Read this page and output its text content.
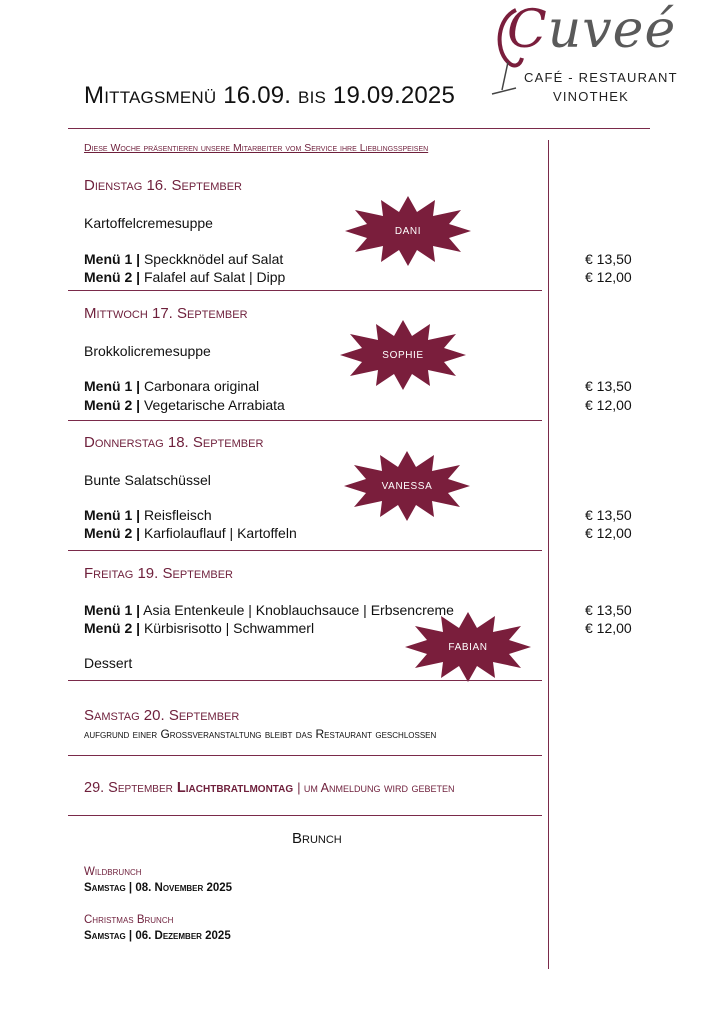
Cuveé
CAFÉ - RESTAURANT
VINOTHEK
Mittagsmenü 16.09. bis 19.09.2025
Diese Woche präsentieren unsere Mitarbeiter vom Service ihre Lieblingsspeisen
Dienstag 16. September
Kartoffelcremesuppe
Menü 1 | Speckknödel auf Salat
Menü 2 | Falafel auf Salat | Dipp
€ 13,50
€ 12,00
DANI
Mittwoch 17. September
Brokkolicremesuppe
Menü 1 | Carbonara original
Menü 2 | Vegetarische Arrabiata
€ 13,50
€ 12,00
SOPHIE
Donnerstag 18. September
Bunte Salatschüssel
Menü 1 | Reisfleisch
Menü 2 | Karfiolauflauf | Kartoffeln
€ 13,50
€ 12,00
VANESSA
Freitag 19. September
Menü 1 | Asia Entenkeule | Knoblauchsauce | Erbsencreme
Menü 2 | Kürbisrisotto | Schwammerl
€ 13,50
€ 12,00
Dessert
FABIAN
Samstag 20. September
aufgrund einer Großveranstaltung bleibt das Restaurant geschlossen
29. September Liachtbratlmontag | um Anmeldung wird gebeten
Brunch
Wildbrunch
Samstag | 08. November 2025
Christmas Brunch
Samstag | 06. Dezember 2025
